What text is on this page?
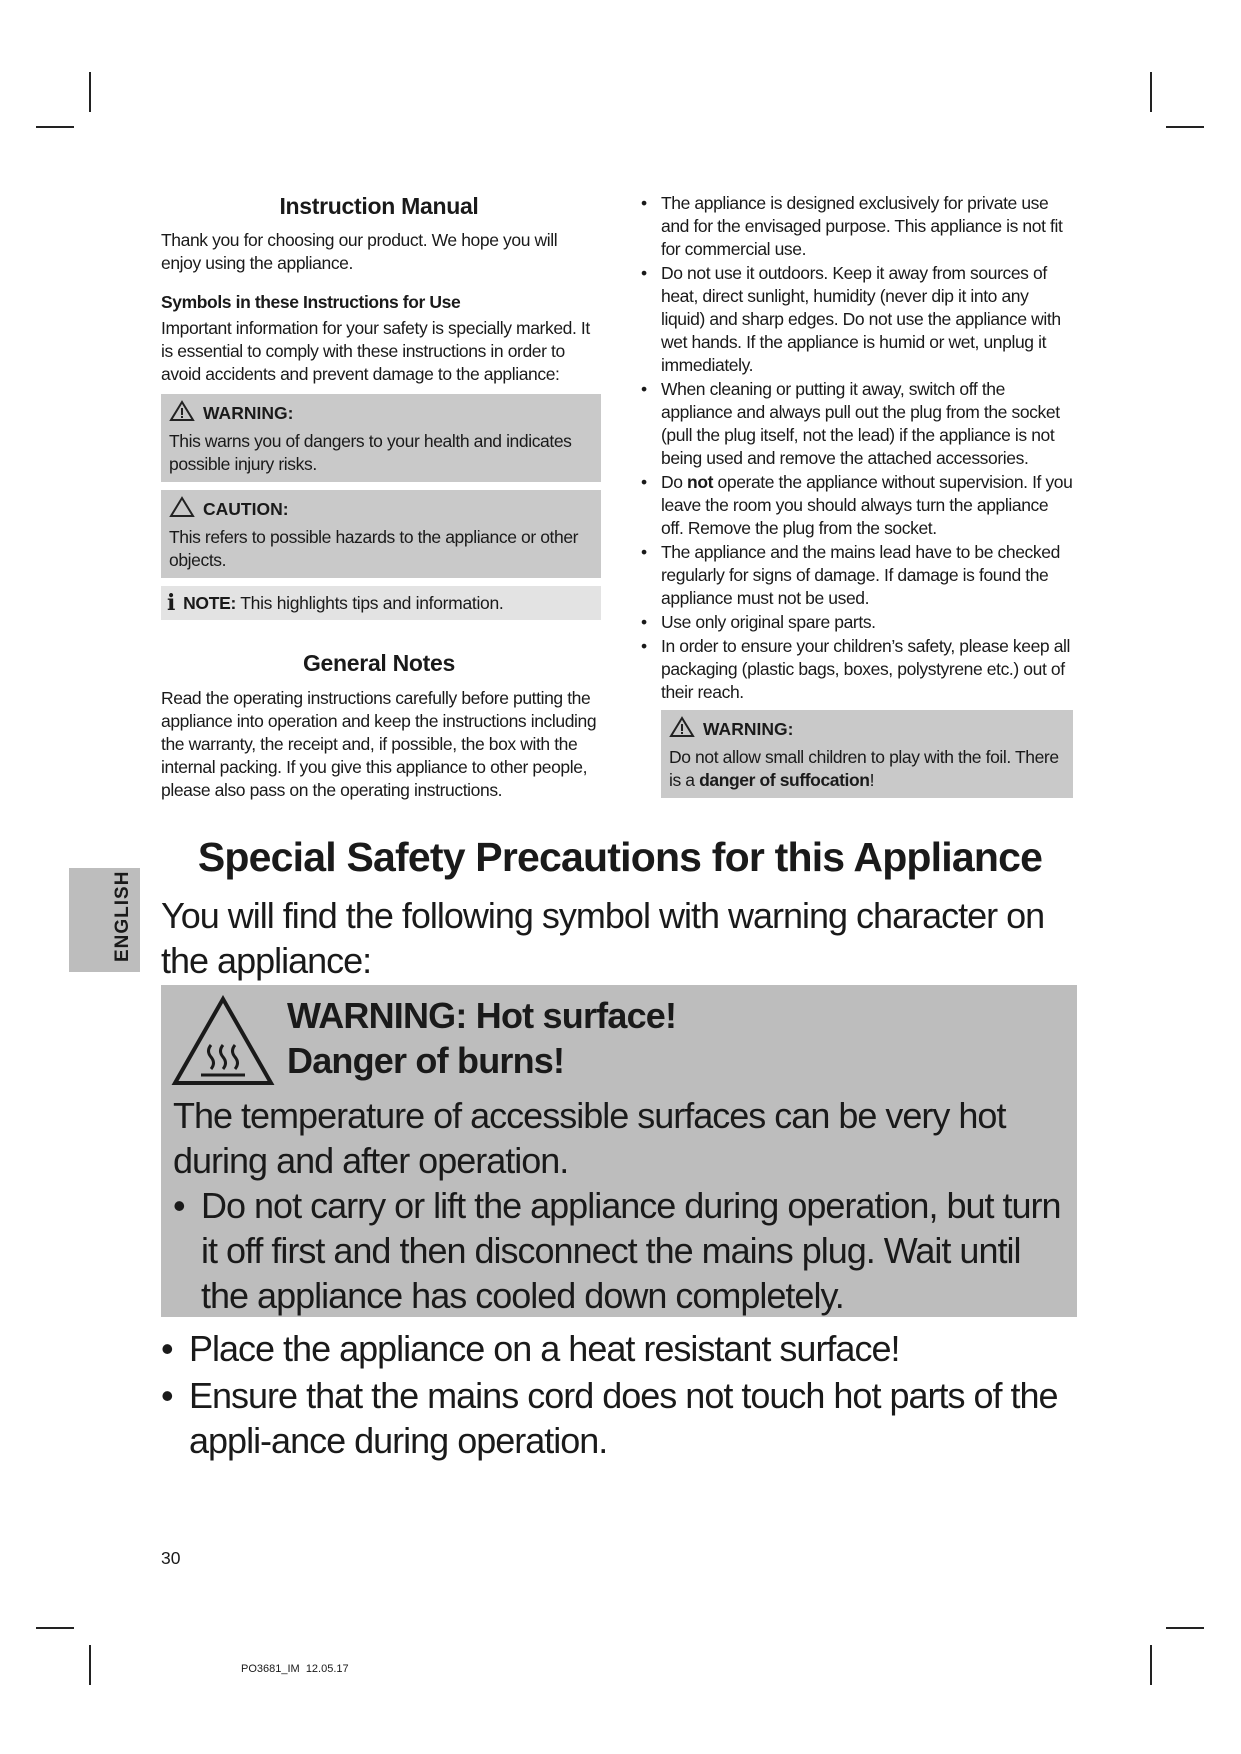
Instruction Manual

Thank you for choosing our product. We hope you will enjoy using the appliance.

Symbols in these Instructions for Use

Important information for your safety is specially marked. It is essential to comply with these instructions in order to avoid accidents and prevent damage to the appliance:

WARNING:
This warns you of dangers to your health and indicates possible injury risks.
CAUTION:
This refers to possible hazards to the appliance or other objects.
i NOTE: This highlights tips and information.
General Notes

Read the operating instructions carefully before putting the appliance into operation and keep the instructions including the warranty, the receipt and, if possible, the box with the internal packing. If you give this appliance to other people, please also pass on the operating instructions.

• The appliance is designed exclusively for private use and for the envisaged purpose. This appliance is not fit for commercial use.
• Do not use it outdoors. Keep it away from sources of heat, direct sunlight, humidity (never dip it into any liquid) and sharp edges. Do not use the appliance with wet hands. If the appliance is humid or wet, unplug it immediately.
• When cleaning or putting it away, switch off the appliance and always pull out the plug from the socket (pull the plug itself, not the lead) if the appliance is not being used and remove the attached accessories.
• Do not operate the appliance without supervision. If you leave the room you should always turn the appliance off. Remove the plug from the socket.
• The appliance and the mains lead have to be checked regularly for signs of damage. If damage is found the appliance must not be used.
• Use only original spare parts.
• In order to ensure your children’s safety, please keep all packaging (plastic bags, boxes, polystyrene etc.) out of their reach.
WARNING:
Do not allow small children to play with the foil. There is a danger of suffocation!
ENGLISH
Special Safety Precautions for this Appliance
You will find the following symbol with warning character on the appliance:
WARNING: Hot surface!
Danger of burns!
The temperature of accessible surfaces can be very hot during and after operation.
• Do not carry or lift the appliance during operation, but turn it off first and then disconnect the mains plug. Wait until the appliance has cooled down completely.
• Place the appliance on a heat resistant surface!
• Ensure that the mains cord does not touch hot parts of the appli-ance during operation.
30
PO3681_IM  12.05.17
